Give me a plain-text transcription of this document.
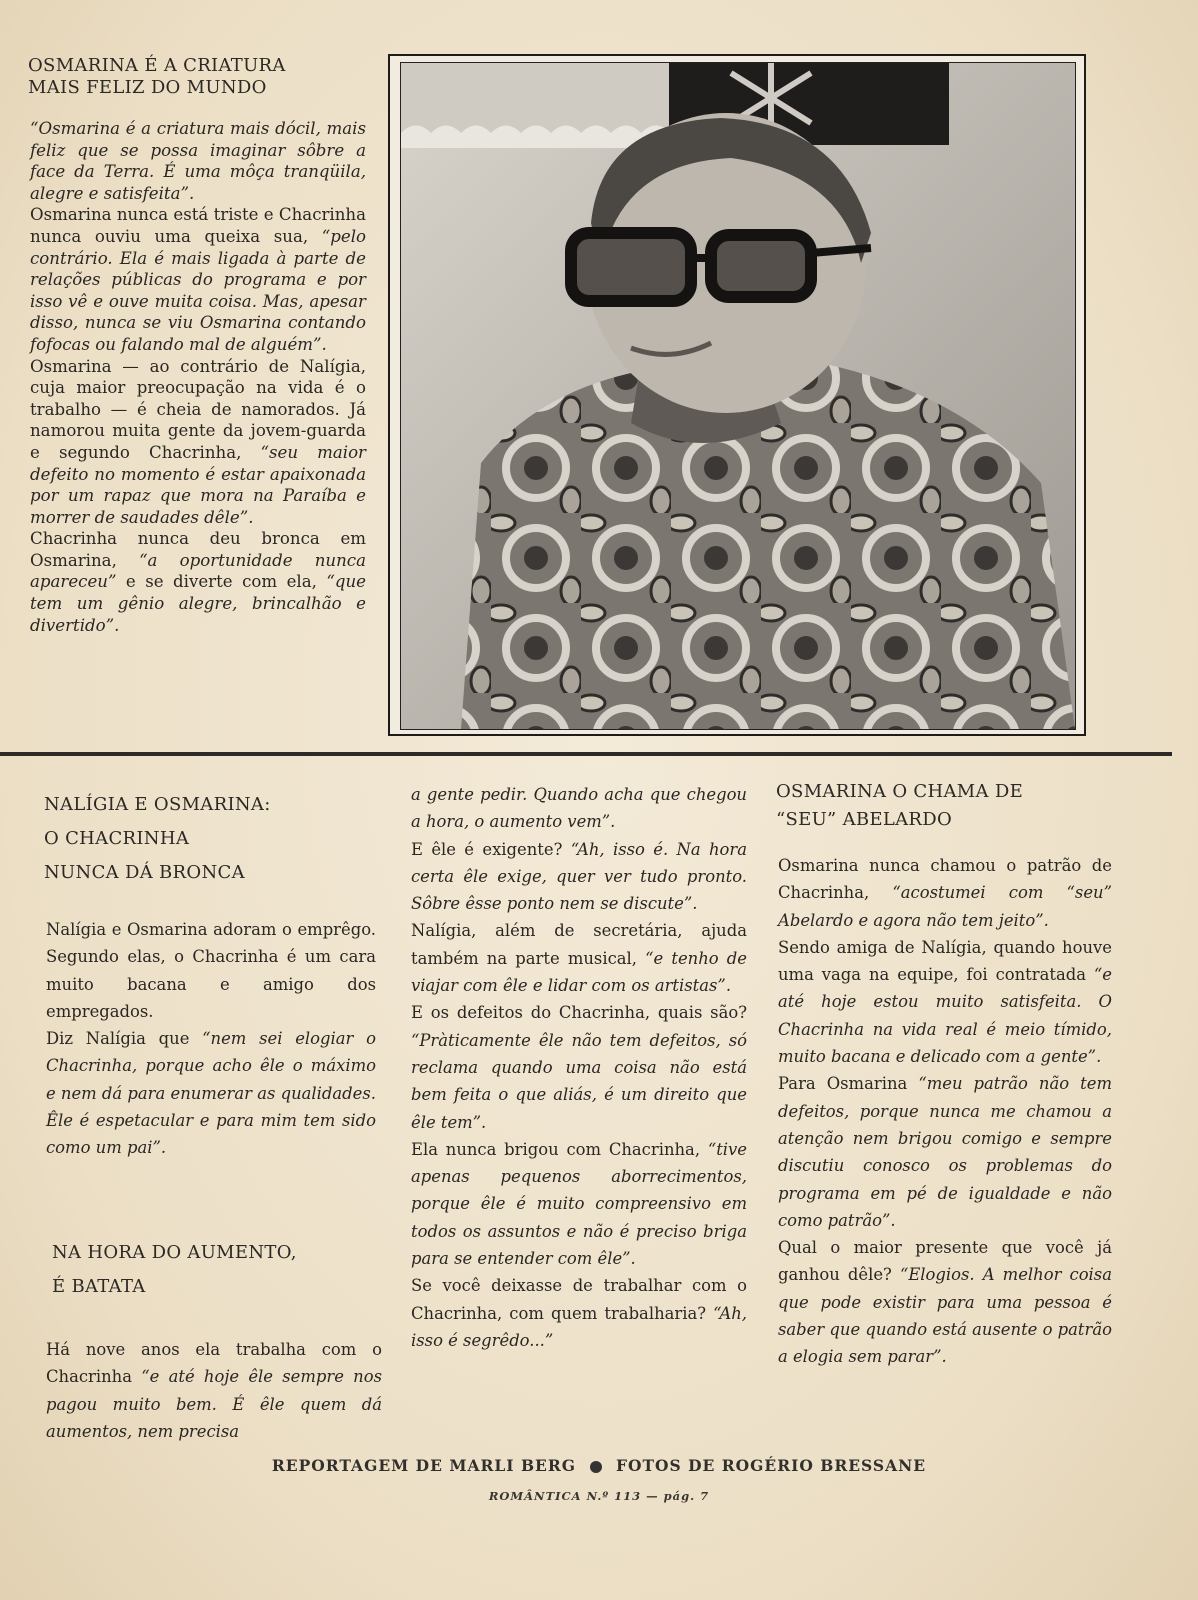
OSMARINA É A CRIATURA
MAIS FELIZ DO MUNDO

“Osmarina é a criatura mais dócil, mais feliz que se possa imaginar sôbre a face da Terra. É uma môça tranqüila, alegre e satisfeita”.

Osmarina nunca está triste e Chacrinha nunca ouviu uma queixa sua, “pelo contrário. Ela é mais ligada à parte de relações públicas do programa e por isso vê e ouve muita coisa. Mas, apesar disso, nunca se viu Osmarina contando fofocas ou falando mal de alguém”.

Osmarina — ao contrário de Nalígia, cuja maior preocupação na vida é o trabalho — é cheia de namorados. Já namorou muita gente da jovem-guarda e segundo Chacrinha, “seu maior defeito no momento é estar apaixonada por um rapaz que mora na Paraíba e morrer de saudades dêle”.

Chacrinha nunca deu bronca em Osmarina, “a oportunidade nunca apareceu” e se diverte com ela, “que tem um gênio alegre, brincalhão e divertido”.

NALÍGIA E OSMARINA:
O CHACRINHA
NUNCA DÁ BRONCA

Nalígia e Osmarina adoram o emprêgo. Segundo elas, o Chacrinha é um cara muito bacana e amigo dos empregados.

Diz Nalígia que “nem sei elogiar o Chacrinha, porque acho êle o máximo e nem dá para enumerar as qualidades. Êle é espetacular e para mim tem sido como um pai”.

NA HORA DO AUMENTO,
É BATATA

Há nove anos ela trabalha com o Chacrinha “e até hoje êle sempre nos pagou muito bem. É êle quem dá aumentos, nem precisa

a gente pedir. Quando acha que chegou a hora, o aumento vem”.

E êle é exigente? “Ah, isso é. Na hora certa êle exige, quer ver tudo pronto. Sôbre êsse ponto nem se discute”.

Nalígia, além de secretária, ajuda também na parte musical, “e tenho de viajar com êle e lidar com os artistas”.

E os defeitos do Chacrinha, quais são? “Pràticamente êle não tem defeitos, só reclama quando uma coisa não está bem feita o que aliás, é um direito que êle tem”.

Ela nunca brigou com Chacrinha, “tive apenas pequenos aborrecimentos, porque êle é muito compreensivo em todos os assuntos e não é preciso briga para se entender com êle”.

Se você deixasse de trabalhar com o Chacrinha, com quem trabalharia? “Ah, isso é segrêdo...”

OSMARINA O CHAMA DE
“SEU” ABELARDO

Osmarina nunca chamou o patrão de Chacrinha, “acostumei com “seu” Abelardo e agora não tem jeito”.

Sendo amiga de Nalígia, quando houve uma vaga na equipe, foi contratada “e até hoje estou muito satisfeita. O Chacrinha na vida real é meio tímido, muito bacana e delicado com a gente”.

Para Osmarina “meu patrão não tem defeitos, porque nunca me chamou a atenção nem brigou comigo e sempre discutiu conosco os problemas do programa em pé de igualdade e não como patrão”.

Qual o maior presente que você já ganhou dêle? “Elogios. A melhor coisa que pode existir para uma pessoa é saber que quando está ausente o patrão a elogia sem parar”.

REPORTAGEM DE MARLI BERG	FOTOS DE ROGÉRIO BRESSANE
ROMÂNTICA N.º 113 — pág. 7
